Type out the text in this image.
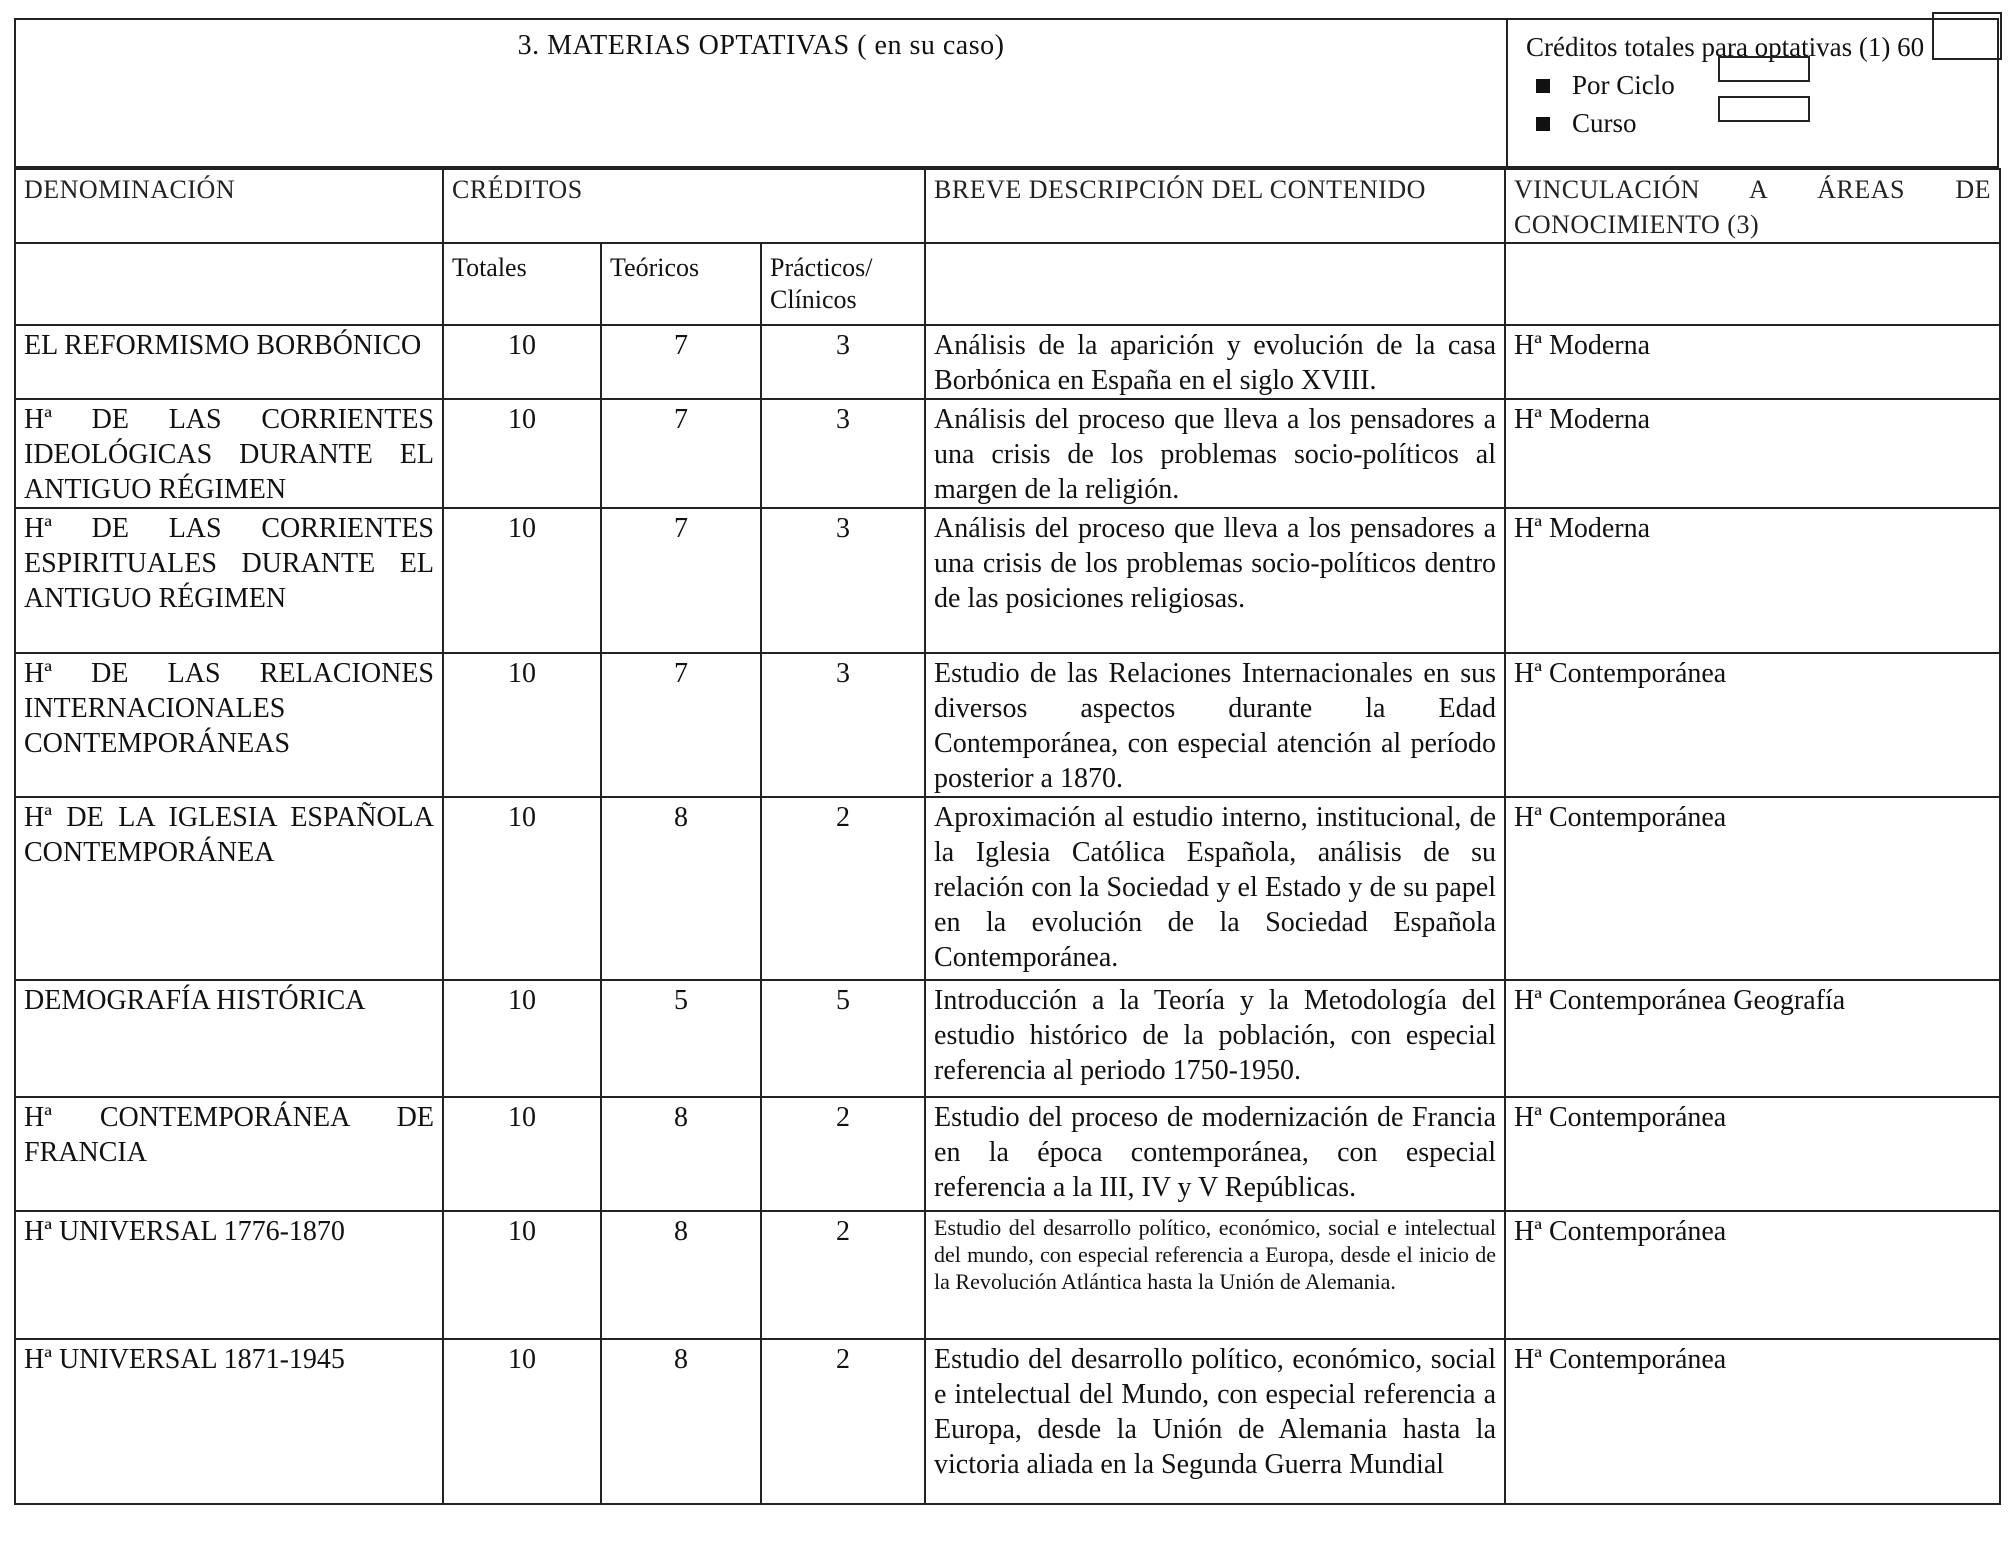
3. MATERIAS OPTATIVAS ( en su caso)	Créditos totales para optativas (1) 60
Por Ciclo
Curso
DENOMINACIÓN	CRÉDITOS			BREVE DESCRIPCIÓN DEL CONTENIDO	VINCULACIÓN A ÁREAS DE CONOCIMIENTO (3)
	Totales	Teóricos	Prácticos/ Clínicos		
EL REFORMISMO BORBÓNICO	10	7	3	Análisis de la aparición y evolución de la casa Borbónica en España en el siglo XVIII.	Hª Moderna
Hª DE LAS CORRIENTES IDEOLÓGICAS DURANTE EL ANTIGUO RÉGIMEN	10	7	3	Análisis del proceso que lleva a los pensadores a una crisis de los problemas socio-políticos al margen de la religión.	Hª Moderna
Hª DE LAS CORRIENTES ESPIRITUALES DURANTE EL ANTIGUO RÉGIMEN	10	7	3	Análisis del proceso que lleva a los pensadores a una crisis de los problemas socio-políticos dentro de las posiciones religiosas.	Hª Moderna
Hª DE LAS RELACIONES INTERNACIONALES CONTEMPORÁNEAS	10	7	3	Estudio de las Relaciones Internacionales en sus diversos aspectos durante la Edad Contemporánea, con especial atención al período posterior a 1870.	Hª Contemporánea
Hª DE LA IGLESIA ESPAÑOLA CONTEMPORÁNEA	10	8	2	Aproximación al estudio interno, institucional, de la Iglesia Católica Española, análisis de su relación con la Sociedad y el Estado y de su papel en la evolución de la Sociedad Española Contemporánea.	Hª Contemporánea
DEMOGRAFÍA HISTÓRICA	10	5	5	Introducción a la Teoría y la Metodología del estudio histórico de la población, con especial referencia al periodo 1750-1950.	Hª Contemporánea Geografía
Hª CONTEMPORÁNEA DE FRANCIA	10	8	2	Estudio del proceso de modernización de Francia en la época contemporánea, con especial referencia a la III, IV y V Repúblicas.	Hª Contemporánea
Hª UNIVERSAL 1776-1870	10	8	2	Estudio del desarrollo político, económico, social e intelectual del mundo, con especial referencia a Europa, desde el inicio de la Revolución Atlántica hasta la Unión de Alemania.	Hª Contemporánea
Hª UNIVERSAL 1871-1945	10	8	2	Estudio del desarrollo político, económico, social e intelectual del Mundo, con especial referencia a Europa, desde la Unión de Alemania hasta la victoria aliada en la Segunda Guerra Mundial	Hª Contemporánea
